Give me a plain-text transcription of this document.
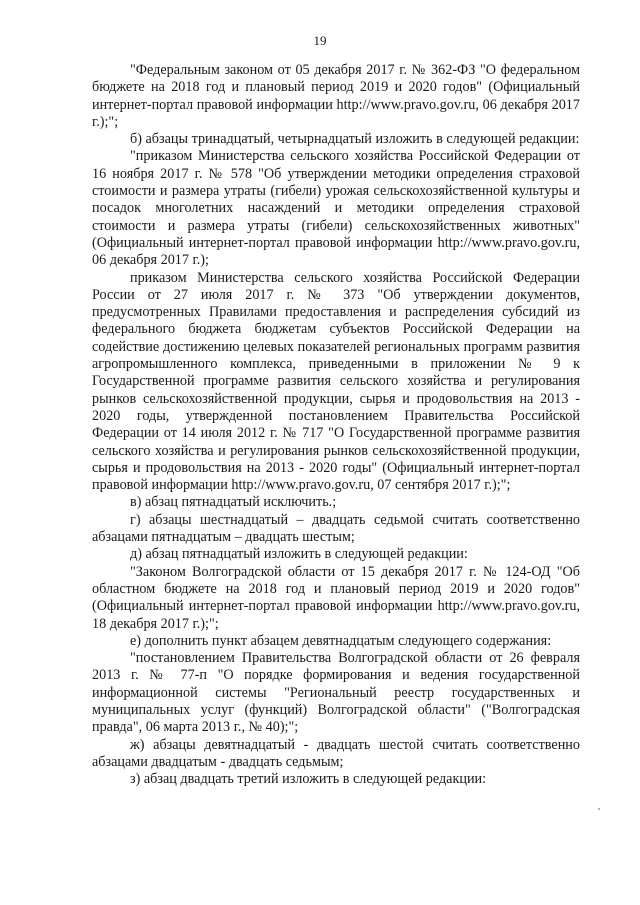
19

"Федеральным законом от 05 декабря 2017 г. № 362-ФЗ "О федеральном бюджете на 2018 год и плановый период 2019 и 2020 годов" (Официальный интернет-портал правовой информации http://www.pravo.gov.ru, 06 декабря 2017 г.);";

б) абзацы тринадцатый, четырнадцатый изложить в следующей редакции:

"приказом Министерства сельского хозяйства Российской Федерации от 16 ноября 2017 г. № 578 "Об утверждении методики определения страховой стоимости и размера утраты (гибели) урожая сельскохозяйственной культуры и посадок многолетних насаждений и методики определения страховой стоимости и размера утраты (гибели) сельскохозяйственных животных" (Официальный интернет-портал правовой информации http://www.pravo.gov.ru, 06 декабря 2017 г.);

приказом Министерства сельского хозяйства Российской Федерации России от 27 июля 2017 г. № 373 "Об утверждении документов, предусмотренных Правилами предоставления и распределения субсидий из федерального бюджета бюджетам субъектов Российской Федерации на содействие достижению целевых показателей региональных программ развития агропромышленного комплекса, приведенными в приложении № 9 к Государственной программе развития сельского хозяйства и регулирования рынков сельскохозяйственной продукции, сырья и продовольствия на 2013 - 2020 годы, утвержденной постановлением Правительства Российской Федерации от 14 июля 2012 г. № 717 "О Государственной программе развития сельского хозяйства и регулирования рынков сельскохозяйственной продукции, сырья и продовольствия на 2013 - 2020 годы" (Официальный интернет-портал правовой информации http://www.pravo.gov.ru, 07 сентября 2017 г.);";

в) абзац пятнадцатый исключить.;

г) абзацы шестнадцатый – двадцать седьмой считать соответственно абзацами пятнадцатым – двадцать шестым;

д) абзац пятнадцатый изложить в следующей редакции:

"Законом Волгоградской области от 15 декабря 2017 г. № 124-ОД "Об областном бюджете на 2018 год и плановый период 2019 и 2020 годов" (Официальный интернет-портал правовой информации http://www.pravo.gov.ru, 18 декабря 2017 г.);";

е) дополнить пункт абзацем девятнадцатым следующего содержания:

"постановлением Правительства Волгоградской области от 26 февраля 2013 г. № 77-п "О порядке формирования и ведения государственной информационной системы "Региональный реестр государственных и муниципальных услуг (функций) Волгоградской области" ("Волгоградская правда", 06 марта 2013 г., № 40);";

ж) абзацы девятнадцатый - двадцать шестой считать соответственно абзацами двадцатым - двадцать седьмым;

з) абзац двадцать третий изложить в следующей редакции:
